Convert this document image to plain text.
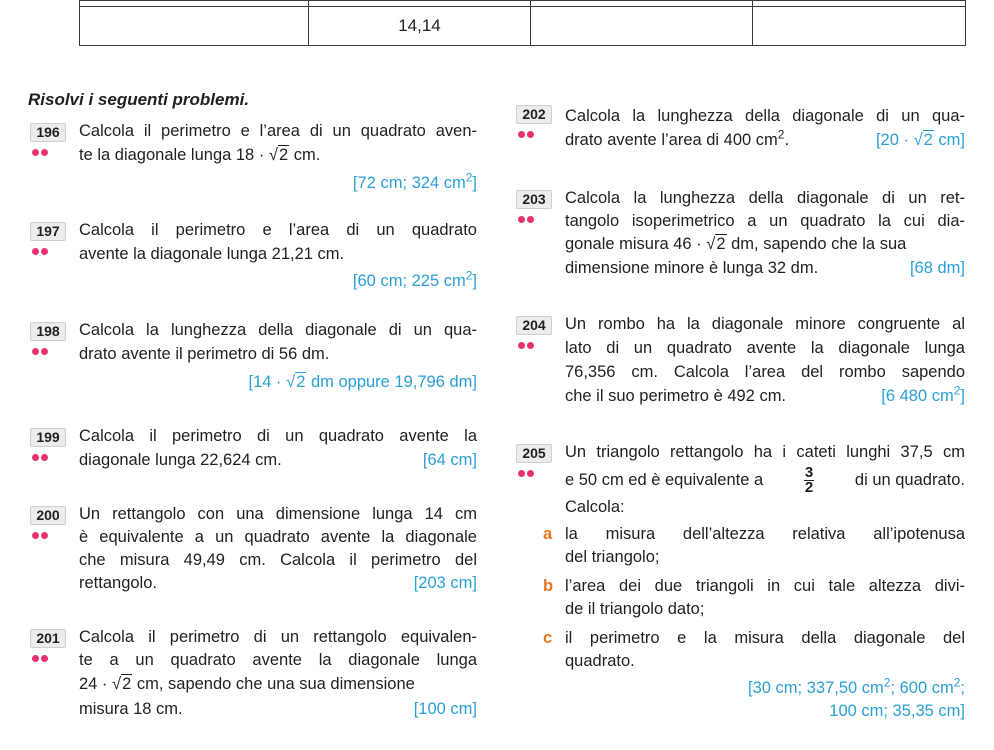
	14,14		
Risolvi i seguenti problemi.
196	Calcola il perimetro e l’area di un quadrato aven-
te la diagonale lunga 18 · √2 cm.
[72 cm; 324 $cm^2$]
197	Calcola il perimetro e l’area di un quadrato
avente la diagonale lunga 21,21 cm.
[60 cm; 225 $cm^2$]
198	Calcola la lunghezza della diagonale di un qua-
drato avente il perimetro di 56 dm.
[14 · √2 dm oppure 19,796 dm]
199	Calcola il perimetro di un quadrato avente la
diagonale lunga 22,624 cm.	[64 cm]
200	Un rettangolo con una dimensione lunga 14 cm
è equivalente a un quadrato avente la diagonale
che misura 49,49 cm. Calcola il perimetro del
rettangolo.	[203 cm]
201	Calcola il perimetro di un rettangolo equivalen-
te a un quadrato avente la diagonale lunga
24 · √2 cm, sapendo che una sua dimensione
misura 18 cm.	[100 cm]
202	Calcola la lunghezza della diagonale di un qua-
drato avente l’area di 400 $cm^2$.	[20 · √2 cm]
203	Calcola la lunghezza della diagonale di un ret-
tangolo isoperimetrico a un quadrato la cui dia-
gonale misura 46 · √2 dm, sapendo che la sua
dimensione minore è lunga 32 dm.	[68 dm]
204	Un rombo ha la diagonale minore congruente al
lato di un quadrato avente la diagonale lunga
76,356 cm. Calcola l’area del rombo sapendo
che il suo perimetro è 492 cm.	[6 480 $cm^2$]
205	Un triangolo rettangolo ha i cateti lunghi 37,5 cm
e 50 cm ed è equivalente a	$\frac{3}{2}$ di un quadrato.
Calcola:
a la misura dell’altezza relativa all’ipotenusa
del triangolo;
b l’area dei due triangoli in cui tale altezza divi-
de il triangolo dato;
c il perimetro e la misura della diagonale del
quadrato.
[30 cm; 337,50 $cm^2$; 600 $cm^2$;
100 cm; 35,35 cm]
